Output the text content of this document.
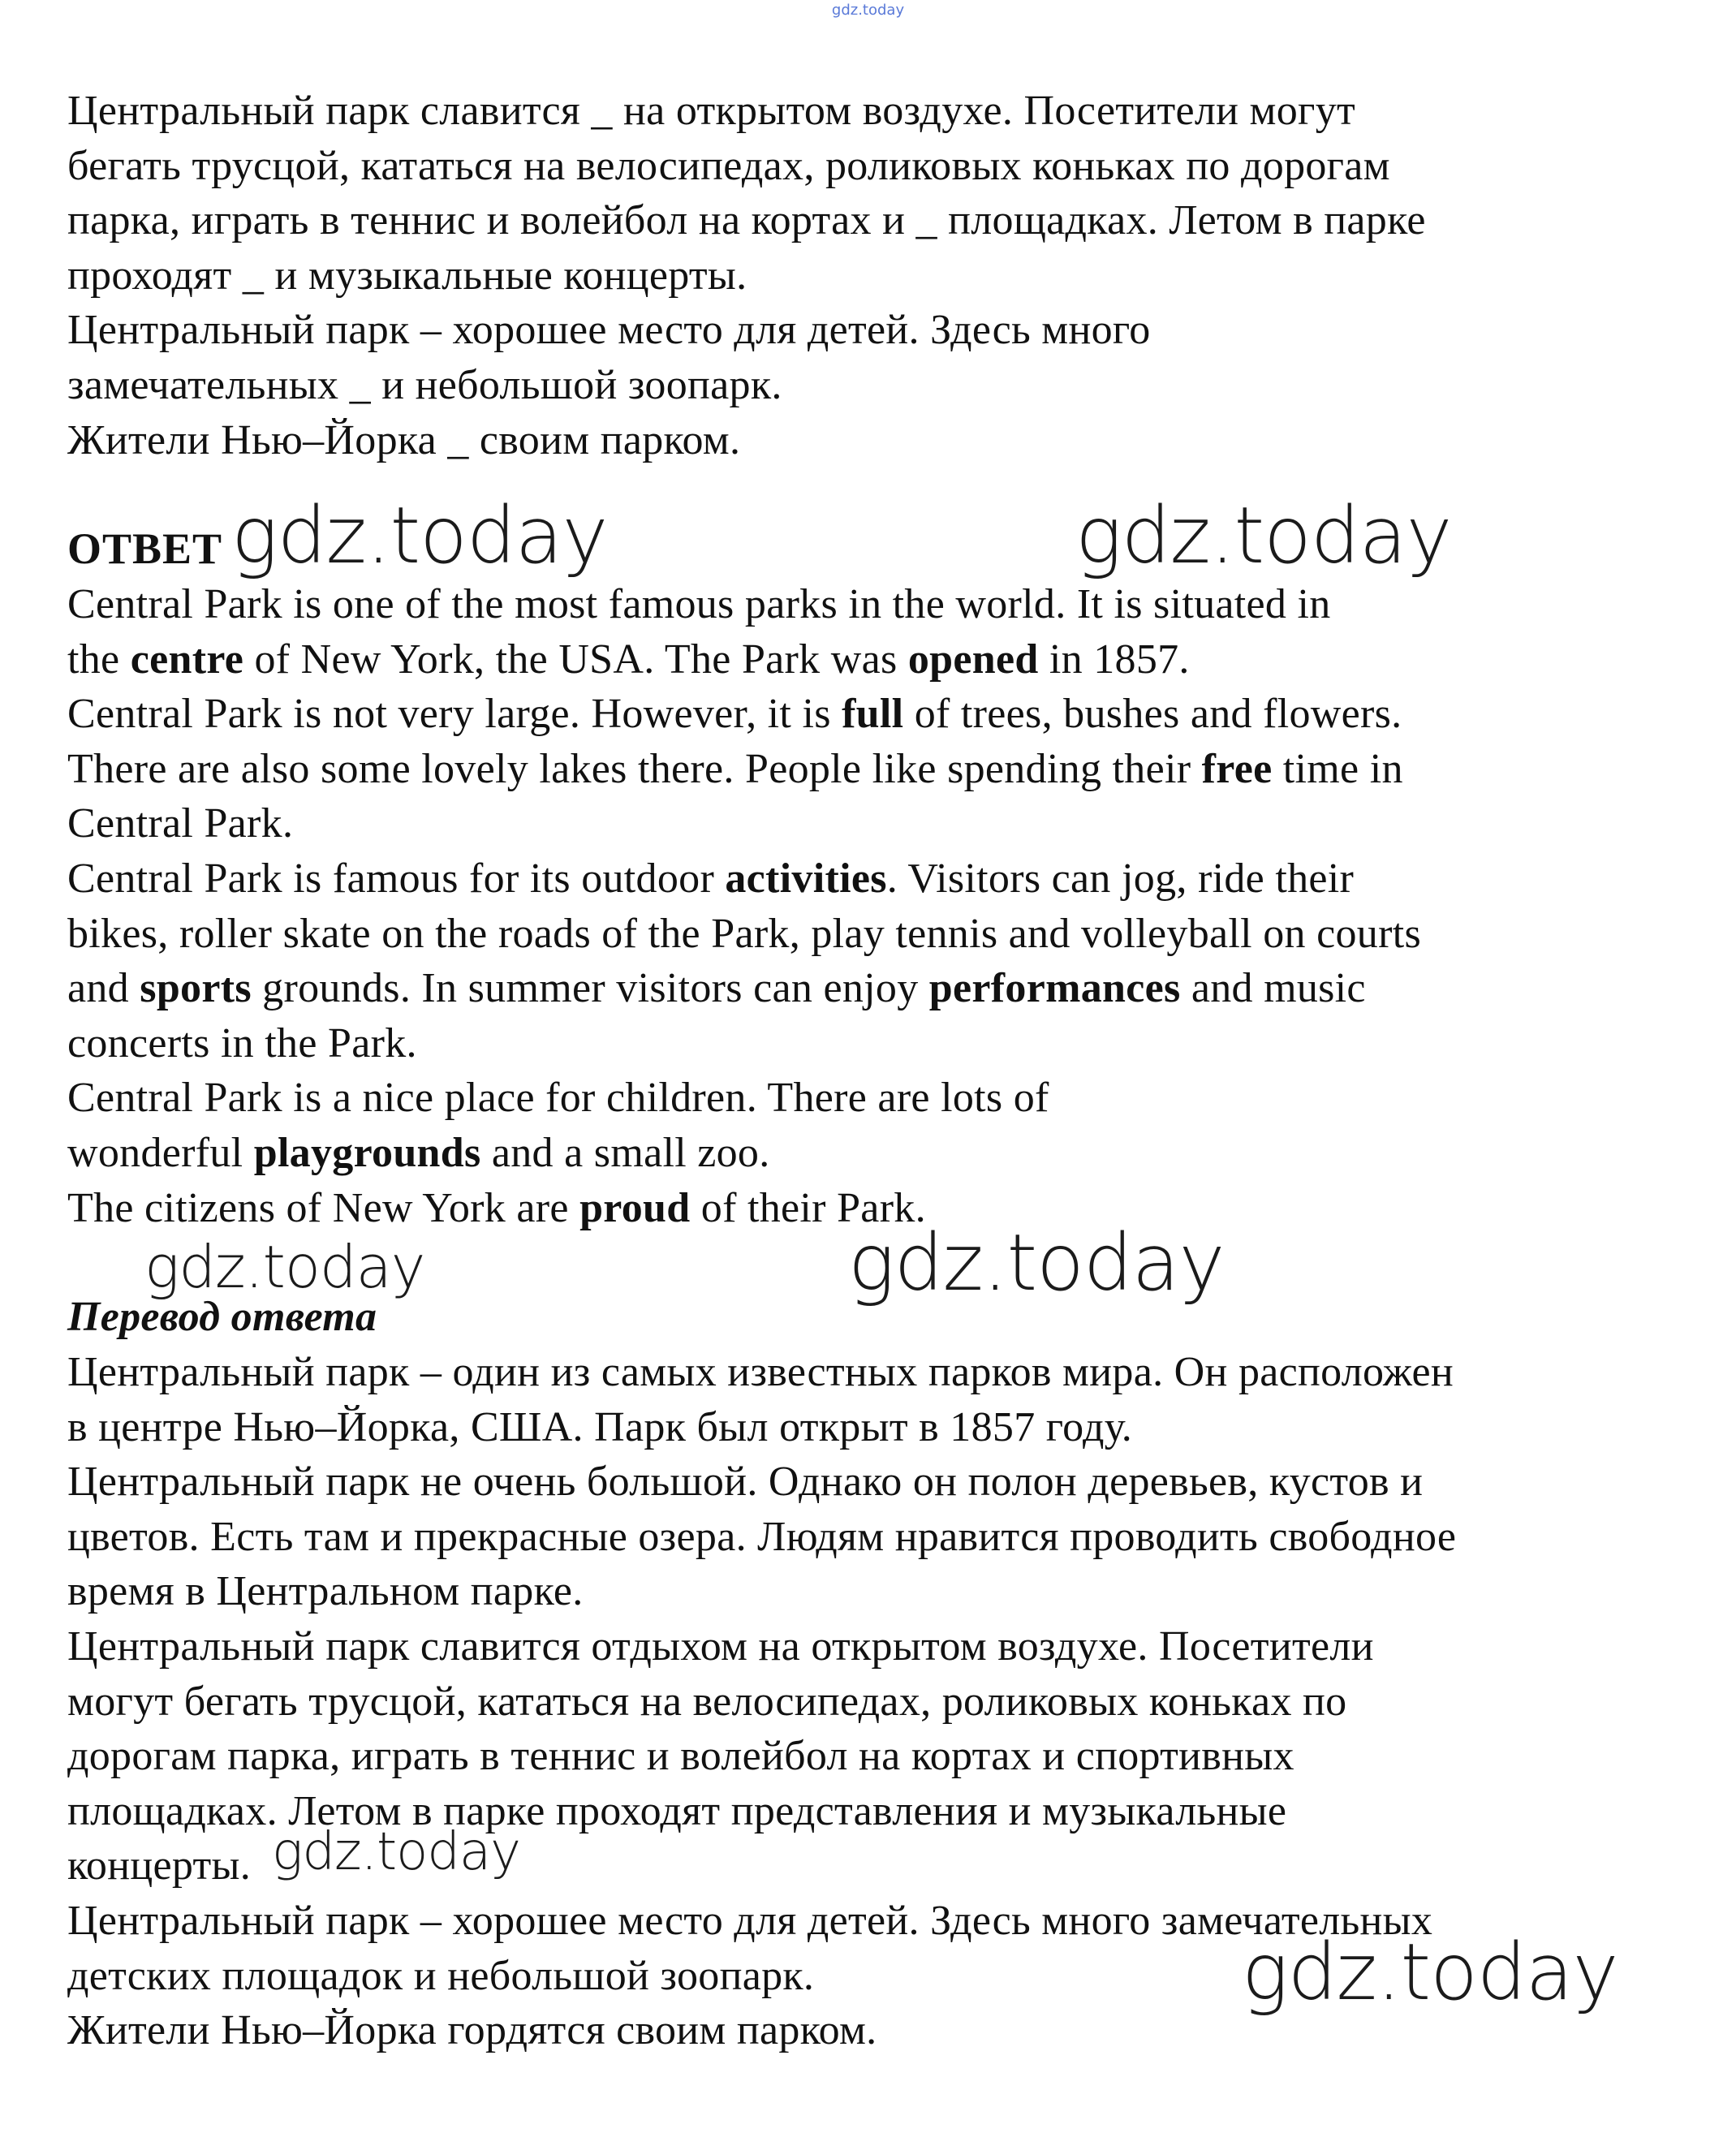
gdz.today
Центральный парк славится _ на открытом воздухе. Посетители могут
бегать трусцой, кататься на велосипедах, роликовых коньках по дорогам
парка, играть в теннис и волейбол на кортах и _ площадках. Летом в парке
проходят _ и музыкальные концерты.
Центральный парк – хорошее место для детей. Здесь много
замечательных _ и небольшой зоопарк.
Жители Нью–Йорка _ своим парком.
ОТВЕТ
Central Park is one of the most famous parks in the world. It is situated in
the centre of New York, the USA. The Park was opened in 1857.
Central Park is not very large. However, it is full of trees, bushes and flowers.
There are also some lovely lakes there. People like spending their free time in
Central Park.
Central Park is famous for its outdoor activities. Visitors can jog, ride their
bikes, roller skate on the roads of the Park, play tennis and volleyball on courts
and sports grounds. In summer visitors can enjoy performances and music
concerts in the Park.
Central Park is a nice place for children. There are lots of
wonderful playgrounds and a small zoo.
The citizens of New York are proud of their Park.
Перевод ответа
Центральный парк – один из самых известных парков мира. Он расположен
в центре Нью–Йорка, США. Парк был открыт в 1857 году.
Центральный парк не очень большой. Однако он полон деревьев, кустов и
цветов. Есть там и прекрасные озера. Людям нравится проводить свободное
время в Центральном парке.
Центральный парк славится отдыхом на открытом воздухе. Посетители
могут бегать трусцой, кататься на велосипедах, роликовых коньках по
дорогам парка, играть в теннис и волейбол на кортах и спортивных
площадках. Летом в парке проходят представления и музыкальные
концерты.
Центральный парк – хорошее место для детей. Здесь много замечательных
детских площадок и небольшой зоопарк.
Жители Нью–Йорка гордятся своим парком.
gdz.today	gdz.today
gdz.today	gdz.today
gdz.today
gdz.today
